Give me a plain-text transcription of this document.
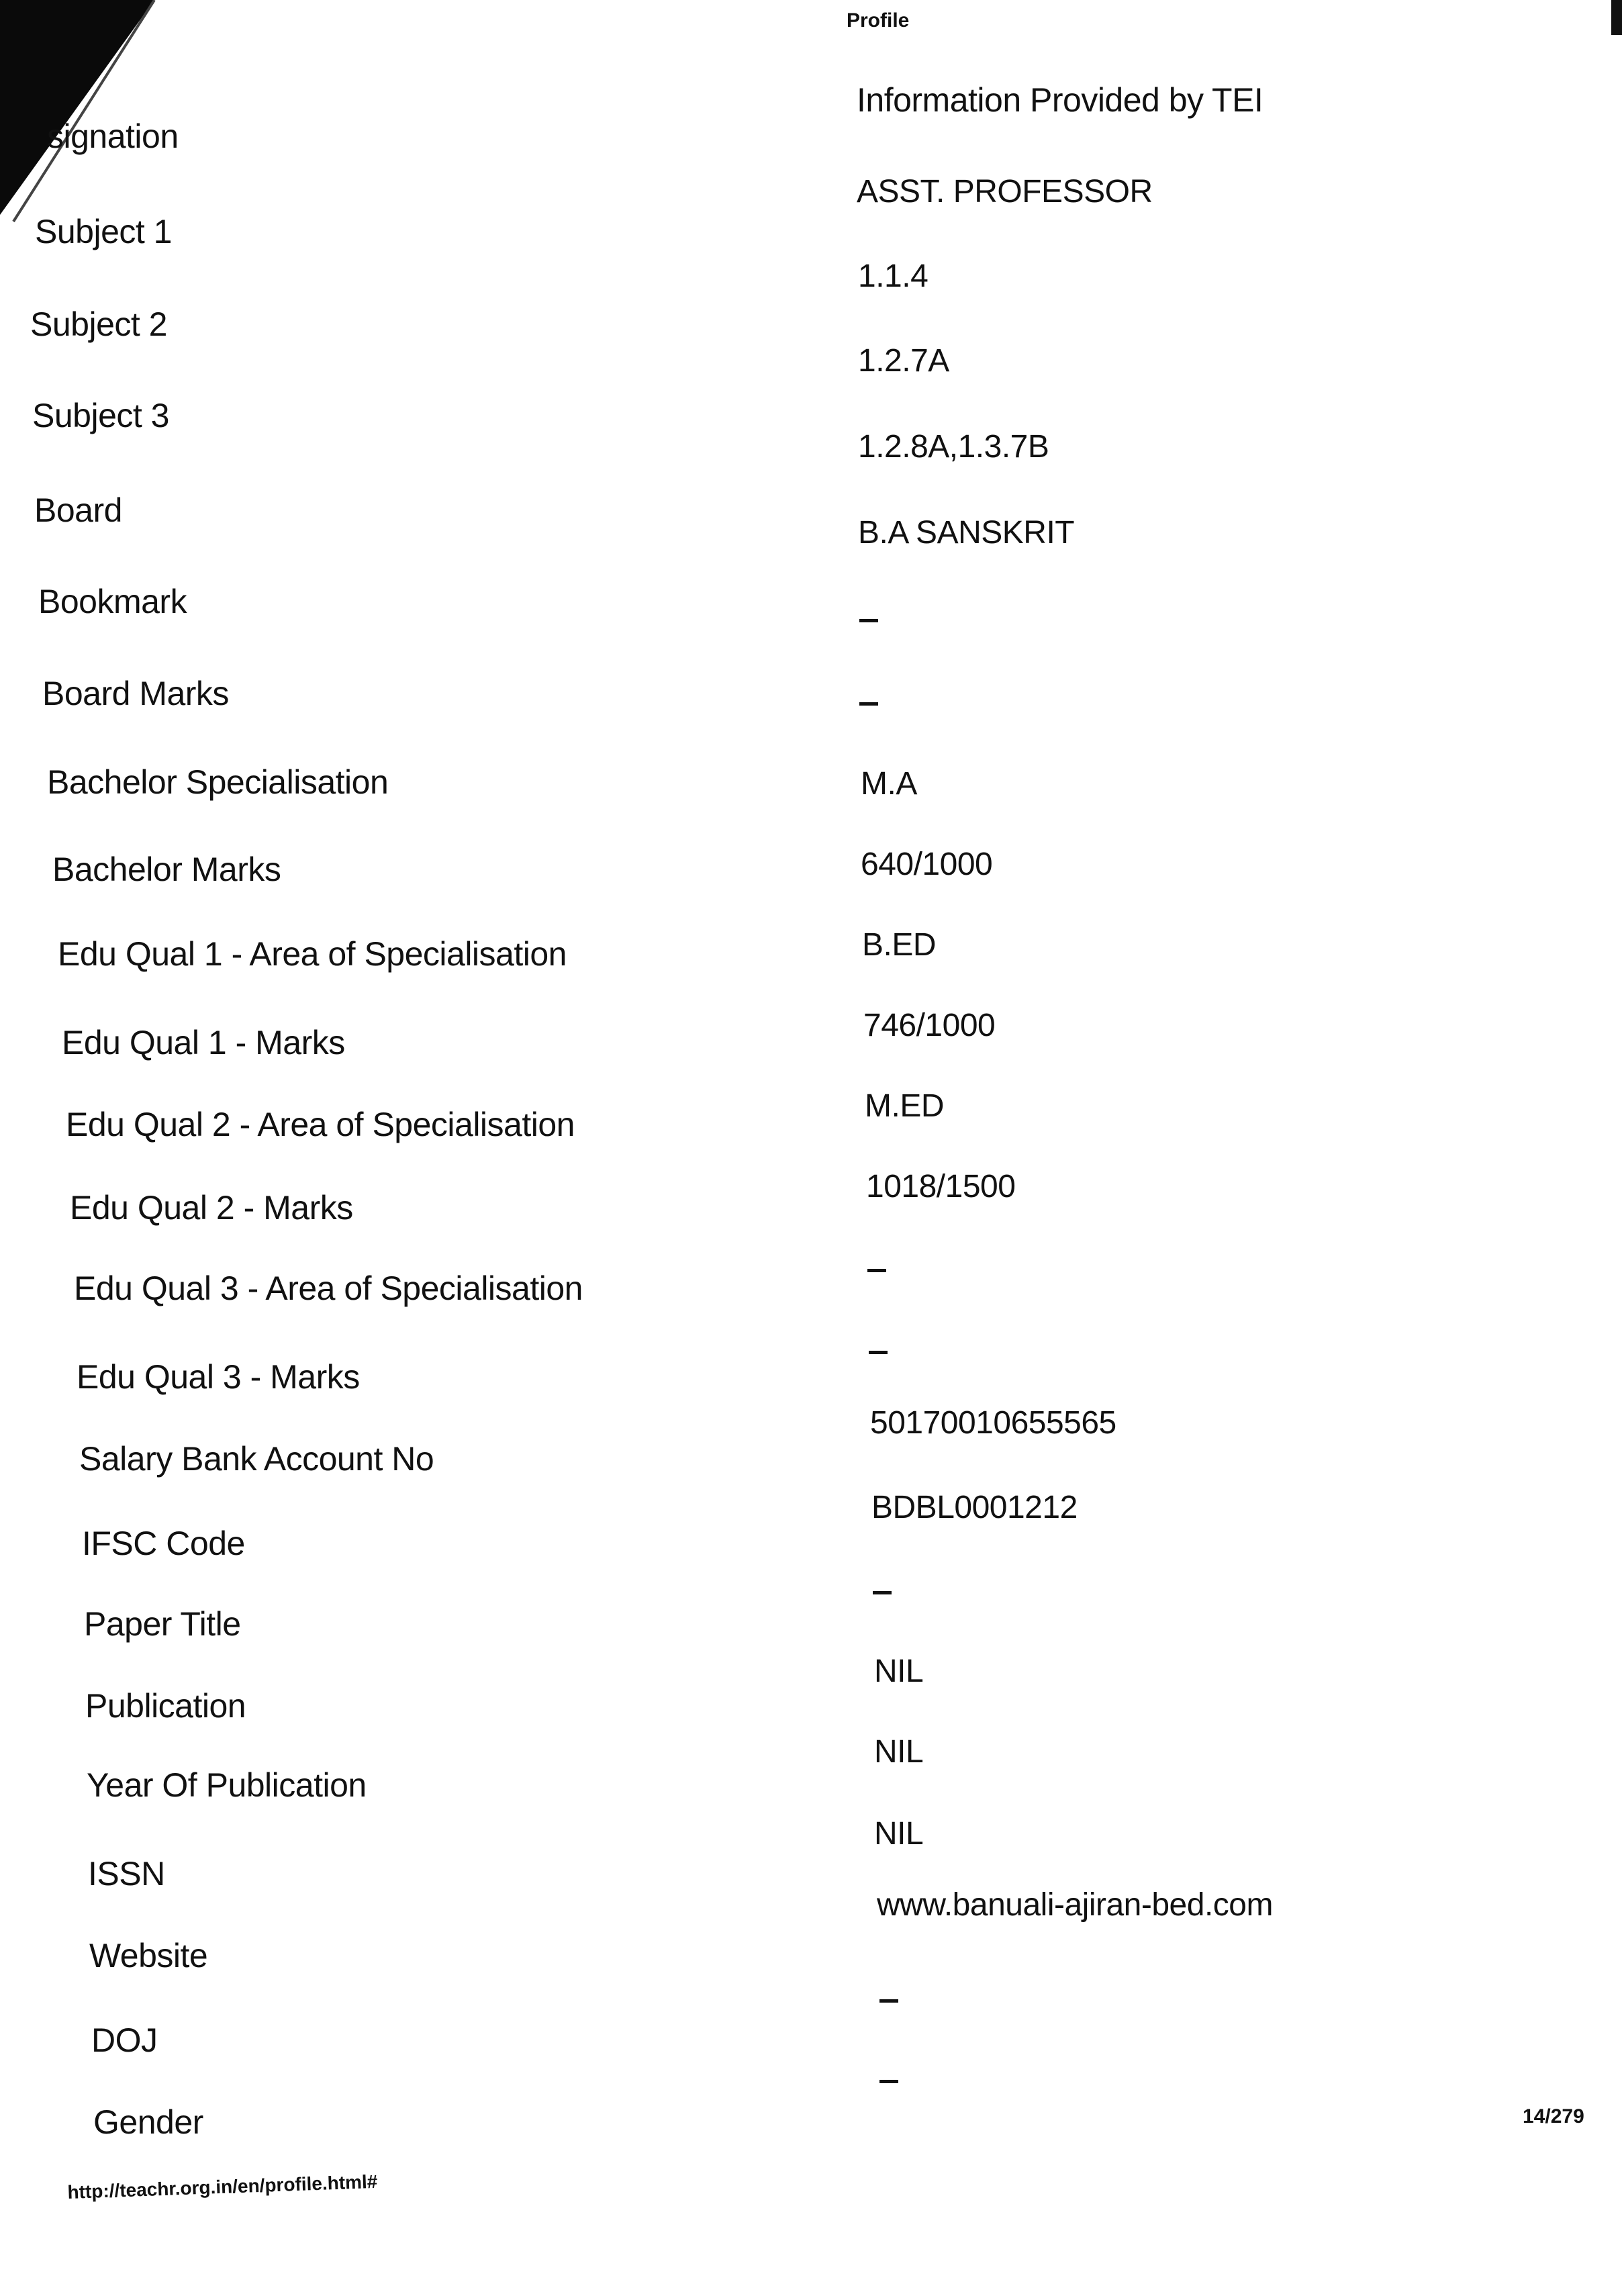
Profile
signation
Subject 1
Subject 2
Subject 3
Board
Bookmark
Board Marks
Bachelor Specialisation
Bachelor Marks
Edu Qual 1 - Area of Specialisation
Edu Qual 1 - Marks
Edu Qual 2 - Area of Specialisation
Edu Qual 2 - Marks
Edu Qual 3 - Area of Specialisation
Edu Qual 3 - Marks
Salary Bank Account No
IFSC Code
Paper Title
Publication
Year Of Publication
ISSN
Website
DOJ
Gender
Information Provided by TEI
ASST. PROFESSOR
1.1.4
1.2.7A
1.2.8A,1.3.7B
B.A SANSKRIT
M.A
640/1000
B.ED
746/1000
M.ED
1018/1500
50170010655565
BDBL0001212
NIL
NIL
NIL
www.banuali-ajiran-bed.com
14/279
http://teachr.org.in/en/profile.html#
